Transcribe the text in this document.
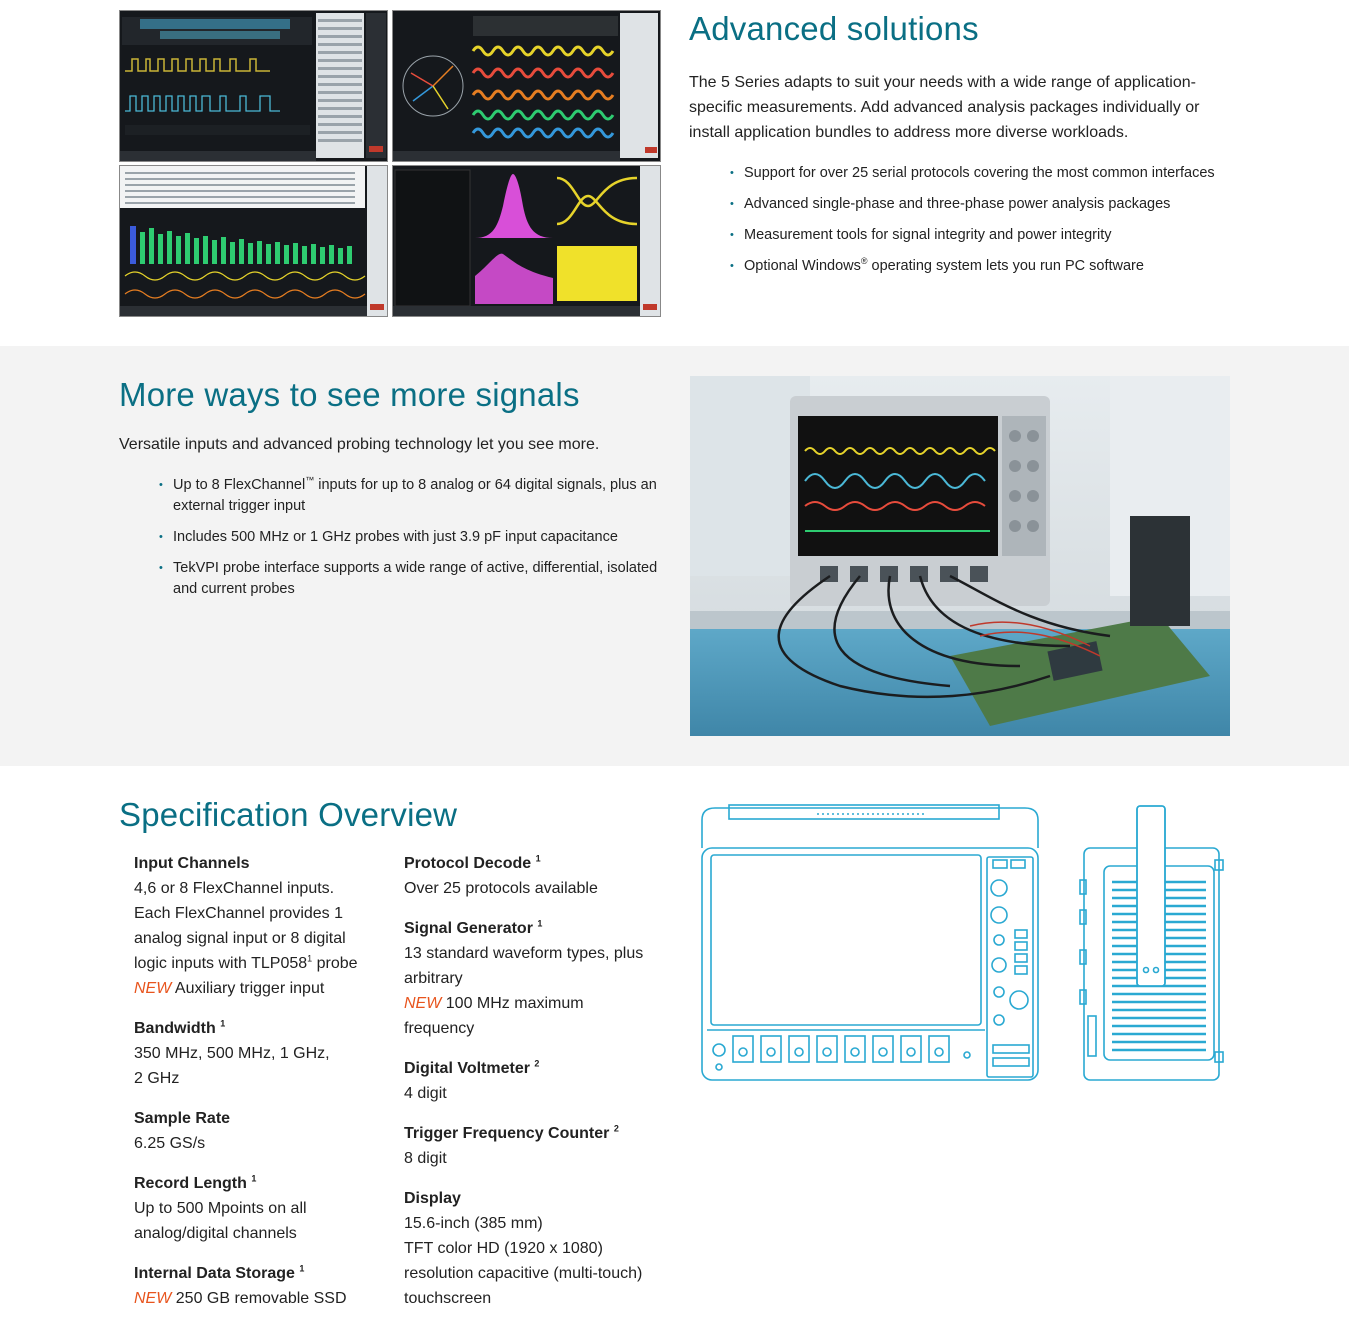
Advanced solutions

The 5 Series adapts to suit your needs with a wide range of application-specific measurements. Add advanced analysis packages individually or install application bundles to address more diverse workloads.

• Support for over 25 serial protocols covering the most common interfaces
• Advanced single-phase and three-phase power analysis packages
• Measurement tools for signal integrity and power integrity
• Optional Windows® operating system lets you run PC software
More ways to see more signals

Versatile inputs and advanced probing technology let you see more.

• Up to 8 FlexChannel™ inputs for up to 8 analog or 64 digital signals, plus an external trigger input
• Includes 500 MHz or 1 GHz probes with just 3.9 pF input capacitance
• TekVPI probe interface supports a wide range of active, differential, isolated and current probes
Specification Overview
Input Channels
4,6 or 8 FlexChannel inputs. Each FlexChannel provides 1 analog signal input or 8 digital logic inputs with $TLP058^1$ probe
NEW Auxiliary trigger input
Bandwidth $^1$
350 MHz, 500 MHz, 1 GHz,
2 GHz
Sample Rate
6.25 GS/s
Record Length $^1$
Up to 500 Mpoints on all analog/digital channels
Internal Data Storage $^1$
NEW 250 GB removable SSD
Protocol Decode $^1$
Over 25 protocols available
Signal Generator $^1$
13 standard waveform types, plus arbitrary
NEW 100 MHz maximum frequency
Digital Voltmeter $^2$
4 digit
Trigger Frequency Counter $^2$
8 digit
Display
15.6-inch (385 mm)
TFT color HD (1920 x 1080) resolution capacitive (multi-touch) touchscreen
